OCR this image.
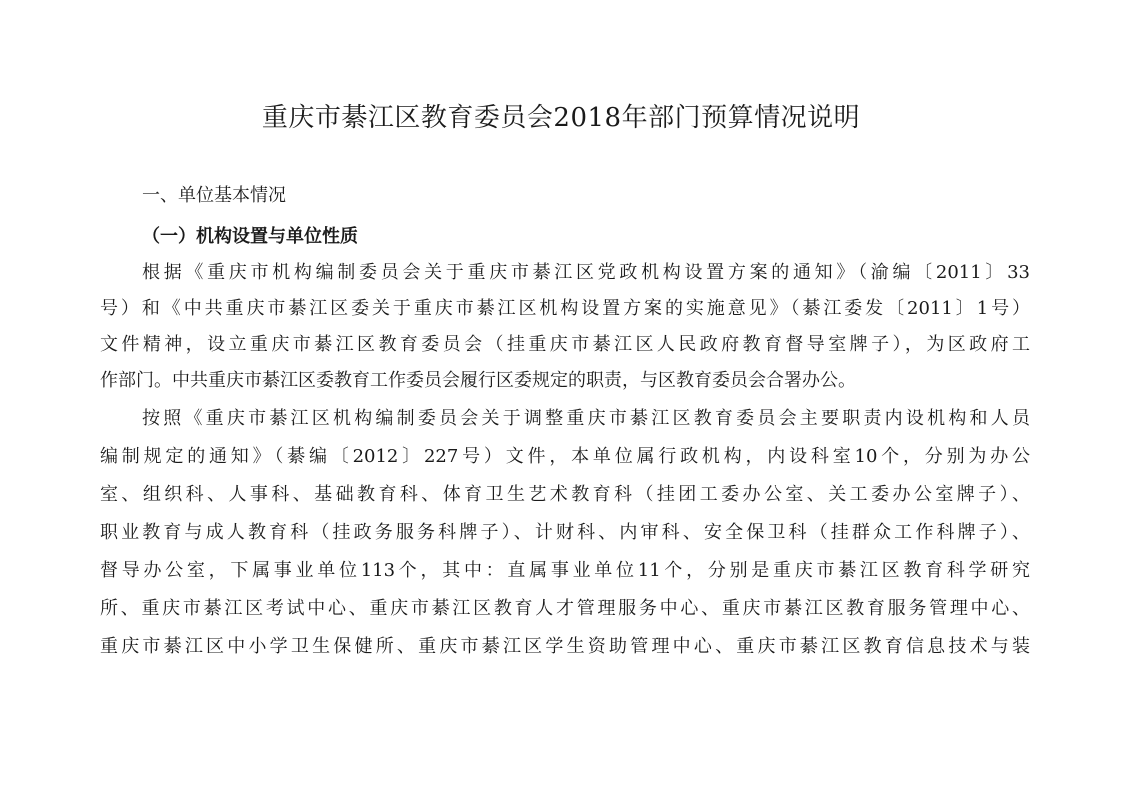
重庆市綦江区教育委员会2018年部门预算情况说明
一、单位基本情况
（一）机构设置与单位性质
根据《重庆市机构编制委员会关于重庆市綦江区党政机构设置方案的通知》（渝编〔2011〕33
号）和《中共重庆市綦江区委关于重庆市綦江区机构设置方案的实施意见》（綦江委发〔2011〕1号）
文件精神，设立重庆市綦江区教育委员会（挂重庆市綦江区人民政府教育督导室牌子），为区政府工
作部门。中共重庆市綦江区委教育工作委员会履行区委规定的职责，与区教育委员会合署办公。
按照《重庆市綦江区机构编制委员会关于调整重庆市綦江区教育委员会主要职责内设机构和人员
编制规定的通知》（綦编〔2012〕227号）文件，本单位属行政机构，内设科室10个，分别为办公
室、组织科、人事科、基础教育科、体育卫生艺术教育科（挂团工委办公室、关工委办公室牌子）、
职业教育与成人教育科（挂政务服务科牌子）、计财科、内审科、安全保卫科（挂群众工作科牌子）、
督导办公室，下属事业单位113个，其中：直属事业单位11个，分别是重庆市綦江区教育科学研究
所、重庆市綦江区考试中心、重庆市綦江区教育人才管理服务中心、重庆市綦江区教育服务管理中心、
重庆市綦江区中小学卫生保健所、重庆市綦江区学生资助管理中心、重庆市綦江区教育信息技术与装
